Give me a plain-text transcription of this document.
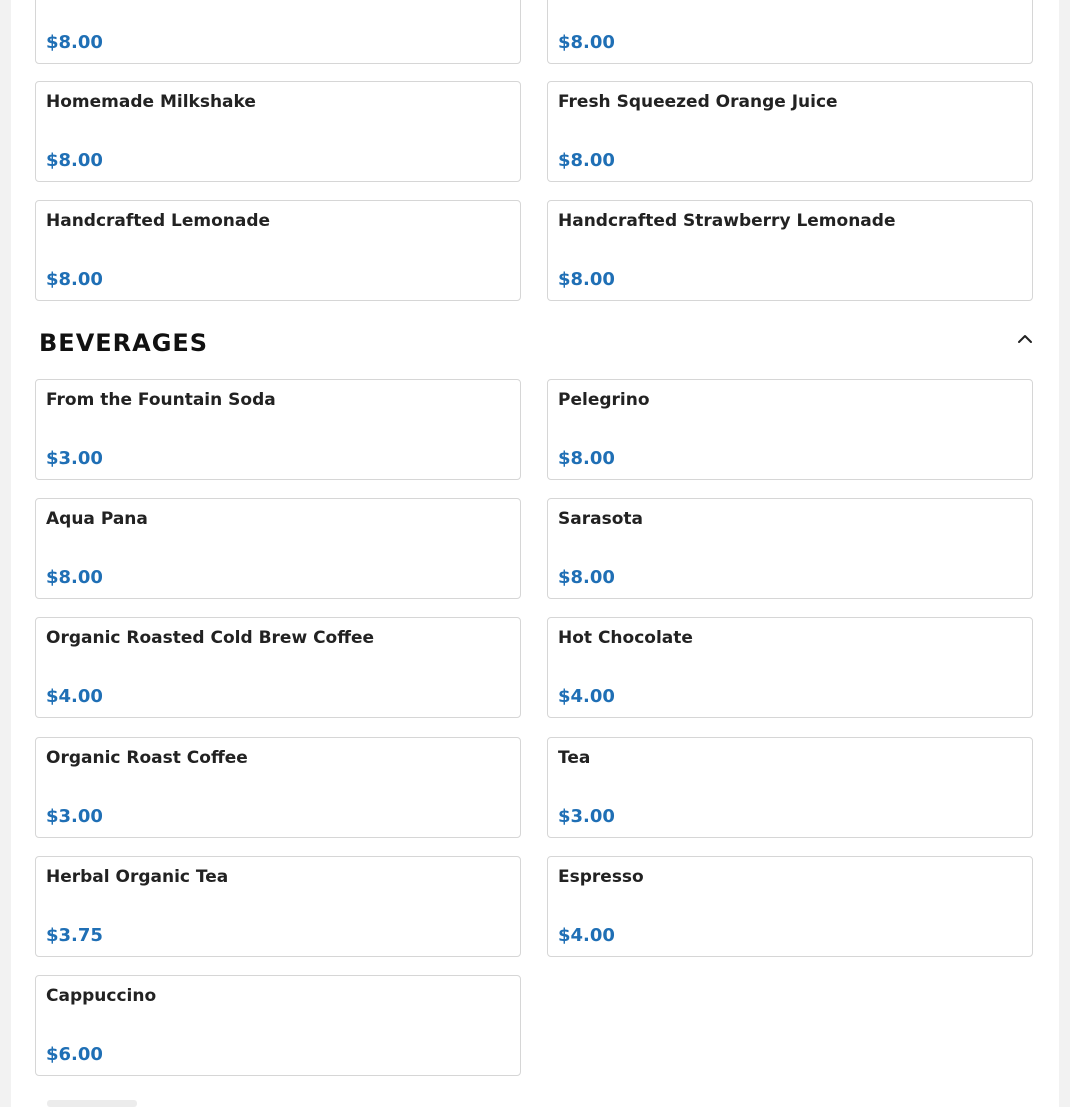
$8.00	$8.00
Homemade Milkshake
$8.00
Fresh Squeezed Orange Juice
$8.00
Handcrafted Lemonade
$8.00
Handcrafted Strawberry Lemonade
$8.00
BEVERAGES
From the Fountain Soda
$3.00
Pelegrino
$8.00
Aqua Pana
$8.00
Sarasota
$8.00
Organic Roasted Cold Brew Coffee
$4.00
Hot Chocolate
$4.00
Organic Roast Coffee
$3.00
Tea
$3.00
Herbal Organic Tea
$3.75
Espresso
$4.00
Cappuccino
$6.00
